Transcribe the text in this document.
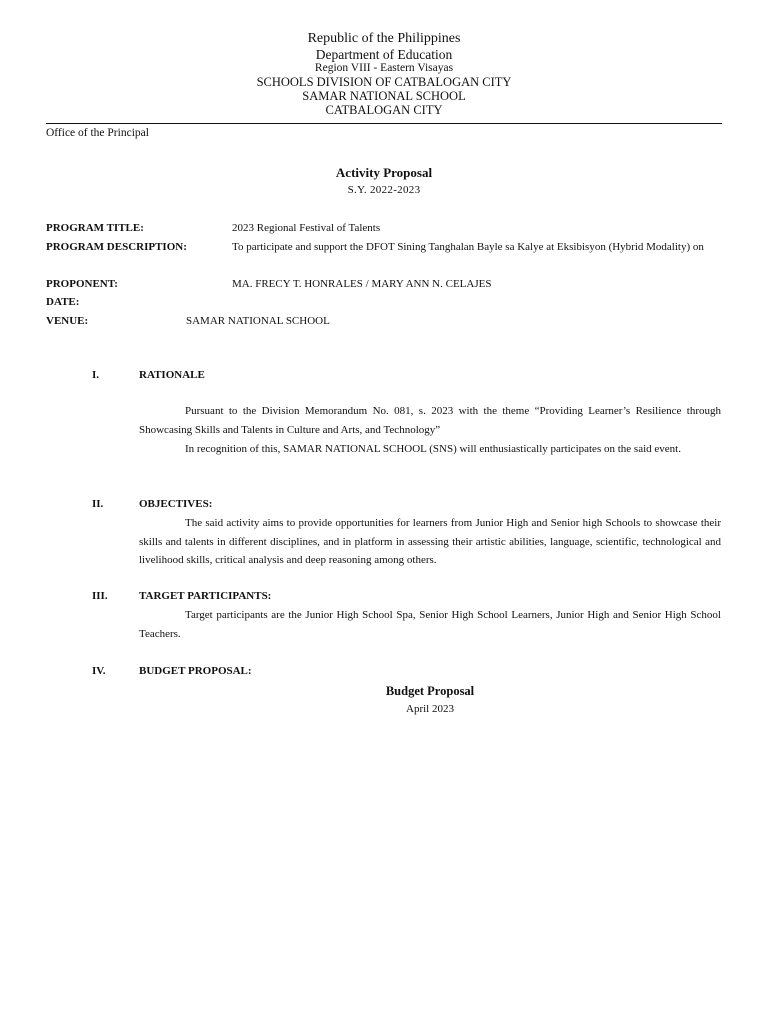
Republic of the Philippines
Department of Education
Region VIII - Eastern Visayas
SCHOOLS DIVISION OF CATBALOGAN CITY
SAMAR NATIONAL SCHOOL
CATBALOGAN CITY
Office of the Principal
Activity Proposal
S.Y. 2022-2023
PROGRAM TITLE:	2023 Regional Festival of Talents
PROGRAM DESCRIPTION:	To participate and support the DFOT Sining Tanghalan Bayle sa Kalye at Eksibisyon (Hybrid Modality) on
PROPONENT:	MA. FRECY T. HONRALES / MARY ANN N. CELAJES
DATE:
VENUE:	SAMAR NATIONAL SCHOOL
I.	RATIONALE
Pursuant to the Division Memorandum No. 081, s. 2023 with the theme “Providing Learner’s Resilience through Showcasing Skills and Talents in Culture and Arts, and Technology”
In recognition of this, SAMAR NATIONAL SCHOOL (SNS) will enthusiastically participates on the said event.
II.	OBJECTIVES:
The said activity aims to provide opportunities for learners from Junior High and Senior high Schools to showcase their skills and talents in different disciplines, and in platform in assessing their artistic abilities, language, scientific, technological and livelihood skills, critical analysis and deep reasoning among others.
III.	TARGET PARTICIPANTS:
Target participants are the Junior High School Spa, Senior High School Learners, Junior High and Senior High School Teachers.
IV.	BUDGET PROPOSAL:
Budget Proposal
April 2023
